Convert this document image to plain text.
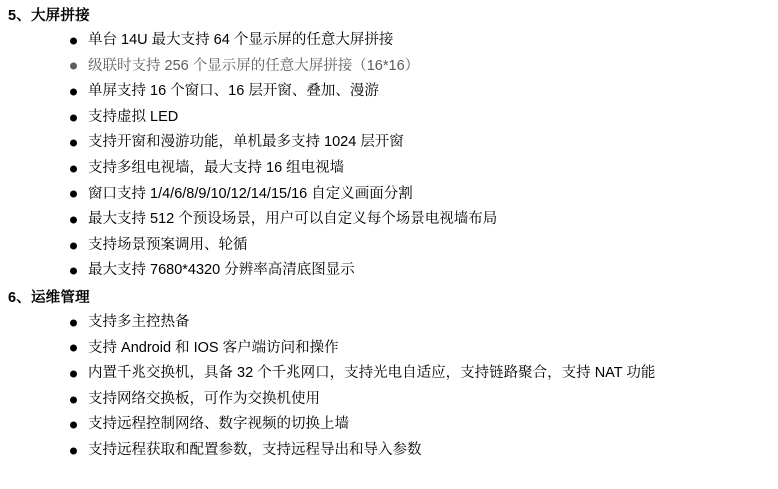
5、大屏拼接
单台 14U 最大支持 64 个显示屏的任意大屏拼接
级联时支持 256 个显示屏的任意大屏拼接（16*16）
单屏支持 16 个窗口、16 层开窗、叠加、漫游
支持虚拟 LED
支持开窗和漫游功能，单机最多支持 1024 层开窗
支持多组电视墙，最大支持 16 组电视墙
窗口支持 1/4/6/8/9/10/12/14/15/16 自定义画面分割
最大支持 512 个预设场景，用户可以自定义每个场景电视墙布局
支持场景预案调用、轮循
最大支持 7680*4320 分辨率高清底图显示
6、运维管理
支持多主控热备
支持 Android 和 IOS 客户端访问和操作
内置千兆交换机，具备 32 个千兆网口，支持光电自适应，支持链路聚合，支持 NAT 功能
支持网络交换板，可作为交换机使用
支持远程控制网络、数字视频的切换上墙
支持远程获取和配置参数，支持远程导出和导入参数
